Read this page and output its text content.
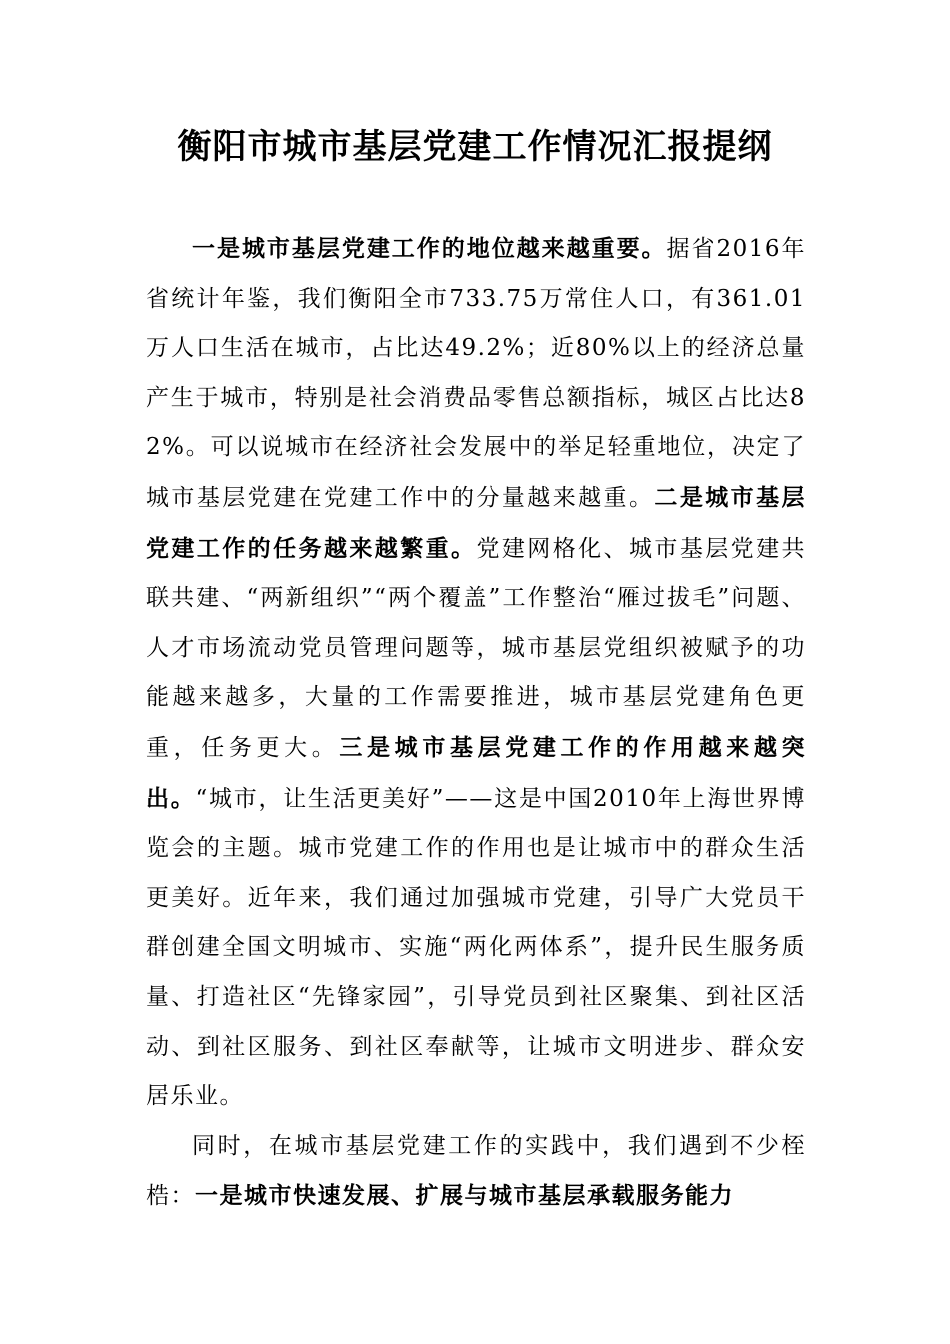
衡阳市城市基层党建工作情况汇报提纲

一是城市基层党建工作的地位越来越重要。据省2016年省统计年鉴，我们衡阳全市733.75万常住人口，有361.01万人口生活在城市，占比达49.2%；近80%以上的经济总量产生于城市，特别是社会消费品零售总额指标，城区占比达82%。可以说城市在经济社会发展中的举足轻重地位，决定了城市基层党建在党建工作中的分量越来越重。二是城市基层党建工作的任务越来越繁重。党建网格化、城市基层党建共联共建、“两新组织”“两个覆盖”工作整治“雁过拔毛”问题、人才市场流动党员管理问题等，城市基层党组织被赋予的功能越来越多，大量的工作需要推进，城市基层党建角色更重，任务更大。三是城市基层党建工作的作用越来越突出。“城市，让生活更美好”——这是中国2010年上海世界博览会的主题。城市党建工作的作用也是让城市中的群众生活更美好。近年来，我们通过加强城市党建，引导广大党员干群创建全国文明城市、实施“两化两体系”，提升民生服务质量、打造社区“先锋家园”，引导党员到社区聚集、到社区活动、到社区服务、到社区奉献等，让城市文明进步、群众安居乐业。

同时，在城市基层党建工作的实践中，我们遇到不少桎梏：一是城市快速发展、扩展与城市基层承载服务能力
